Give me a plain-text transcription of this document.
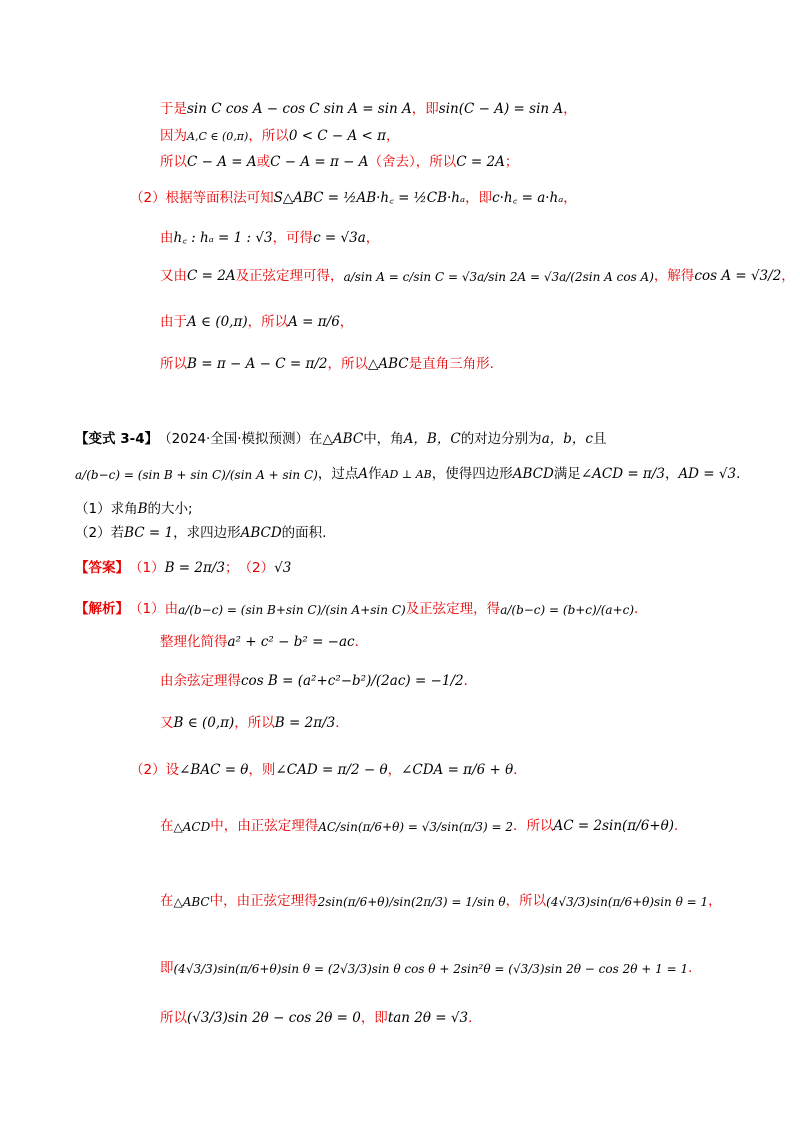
于是 sin C cos A − cos C sin A = sin A ，即 sin(C − A) = sin A ，
因为 A,C ∈ (0,π) ，所以 0 < C − A < π ，
所以 C − A = A 或 C − A = π − A （舍去），所以 C = 2A ；
（2） 根据等面积法可知 S△ABC = ½AB·h꜀ = ½CB·hₐ ，即 c·h꜀ = a·hₐ ，
由 h꜀ : hₐ = 1 : √3 ，可得 c = √3a ，
又由 C = 2A 及正弦定理可得， a/sin A = c/sin C = √3a/sin 2A = √3a/(2sin A cos A) ，解得 cos A = √3/2 ，
由于 A ∈ (0,π) ，所以 A = π/6 ，
所以 B = π − A − C = π/2 ，所以 △ABC 是直角三角形.
【变式 3-4】 （2024·全国·模拟预测）在 △ABC 中，角 A，B，C 的对边分别为 a，b，c 且
a/(b−c) = (sin B + sin C)/(sin A + sin C) ，过点 A 作 AD ⊥ AB ，使得四边形 ABCD 满足 ∠ACD = π/3 ， AD = √3 ．
（1）求角 B 的大小;
（2）若 BC = 1 ，求四边形 ABCD 的面积.
【答案】 （1） B = 2π/3 ； （2） √3
【解析】 （1）由 a/(b−c) = (sin B+sin C)/(sin A+sin C) 及正弦定理，得 a/(b−c) = (b+c)/(a+c) ．
整理化简得 a² + c² − b² = −ac ．
由余弦定理得 cos B = (a²+c²−b²)/(2ac) = −1/2 ．
又 B ∈ (0,π) ，所以 B = 2π/3 ．
（2）设 ∠BAC = θ ，则 ∠CAD = π/2 − θ ， ∠CDA = π/6 + θ ．
在 △ACD 中，由正弦定理得 AC/sin(π/6+θ) = √3/sin(π/3) = 2 ．所以 AC = 2sin(π/6+θ) ．
在 △ABC 中，由正弦定理得 2sin(π/6+θ)/sin(2π/3) = 1/sin θ ，所以 (4√3/3)sin(π/6+θ)sin θ = 1 ，
即 (4√3/3)sin(π/6+θ)sin θ = (2√3/3)sin θ cos θ + 2sin²θ = (√3/3)sin 2θ − cos 2θ + 1 = 1 ．
所以 (√3/3)sin 2θ − cos 2θ = 0 ，即 tan 2θ = √3 ．
